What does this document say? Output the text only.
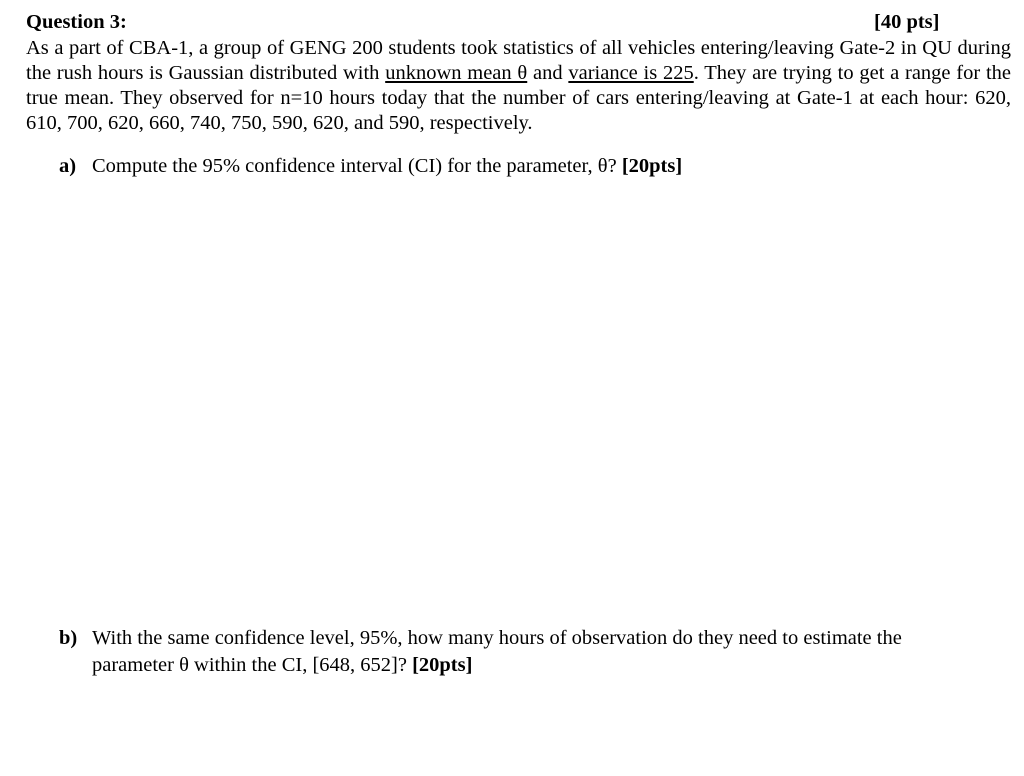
Question 3:	[40 pts]
As a part of CBA-1, a group of GENG 200 students took statistics of all vehicles entering/leaving Gate-2 in QU during the rush hours is Gaussian distributed with unknown mean θ and variance is 225. They are trying to get a range for the true mean. They observed for n=10 hours today that the number of cars entering/leaving at Gate-1 at each hour: 620, 610, 700, 620, 660, 740, 750, 590, 620, and 590, respectively.
a) Compute the 95% confidence interval (CI) for the parameter, θ? [20pts]
b) With the same confidence level, 95%, how many hours of observation do they need to estimate the parameter θ within the CI, [648, 652]? [20pts]
